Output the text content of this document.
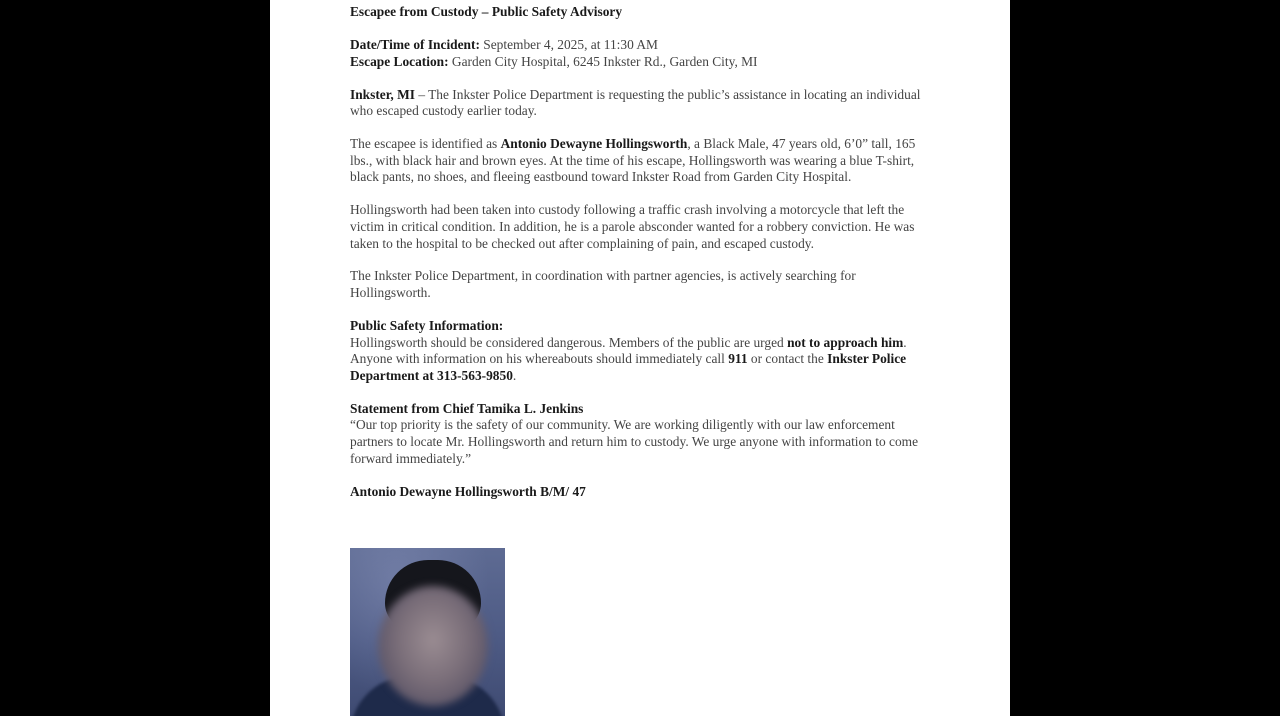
Escapee from Custody – Public Safety Advisory

Date/Time of Incident: September 4, 2025, at 11:30 AM
Escape Location: Garden City Hospital, 6245 Inkster Rd., Garden City, MI

Inkster, MI – The Inkster Police Department is requesting the public’s assistance in locating an individual who escaped custody earlier today.

The escapee is identified as Antonio Dewayne Hollingsworth, a Black Male, 47 years old, 6’0” tall, 165 lbs., with black hair and brown eyes. At the time of his escape, Hollingsworth was wearing a blue T-shirt, black pants, no shoes, and fleeing eastbound toward Inkster Road from Garden City Hospital.

Hollingsworth had been taken into custody following a traffic crash involving a motorcycle that left the victim in critical condition. In addition, he is a parole absconder wanted for a robbery conviction. He was taken to the hospital to be checked out after complaining of pain, and escaped custody.

The Inkster Police Department, in coordination with partner agencies, is actively searching for Hollingsworth.

Public Safety Information:
Hollingsworth should be considered dangerous. Members of the public are urged not to approach him. Anyone with information on his whereabouts should immediately call 911 or contact the Inkster Police Department at 313-563-9850.

Statement from Chief Tamika L. Jenkins
“Our top priority is the safety of our community. We are working diligently with our law enforcement partners to locate Mr. Hollingsworth and return him to custody. We urge anyone with information to come forward immediately.”

Antonio Dewayne Hollingsworth B/M/ 47
